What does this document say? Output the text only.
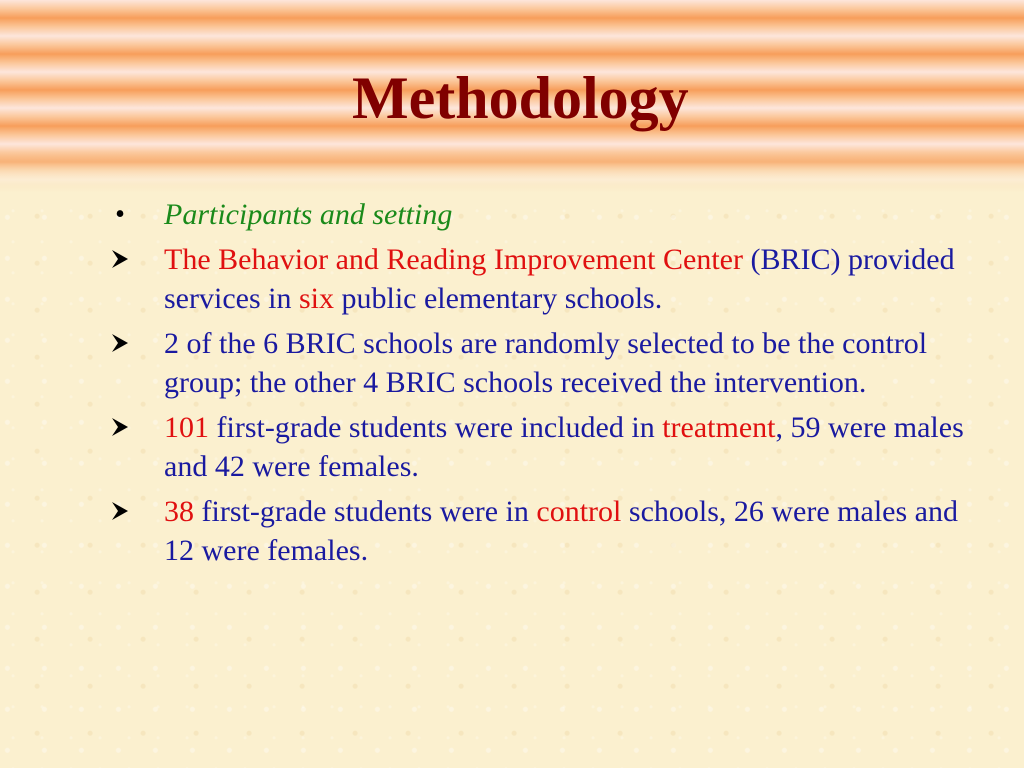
Methodology
•	Participants and setting
The Behavior and Reading Improvement Center (BRIC) provided services in six public elementary schools.
2 of the 6 BRIC schools are randomly selected to be the control group; the other 4 BRIC schools received the intervention.
101 first-grade students were included in treatment, 59 were males and 42 were females.
38 first-grade students were in control schools, 26 were males and 12 were females.
